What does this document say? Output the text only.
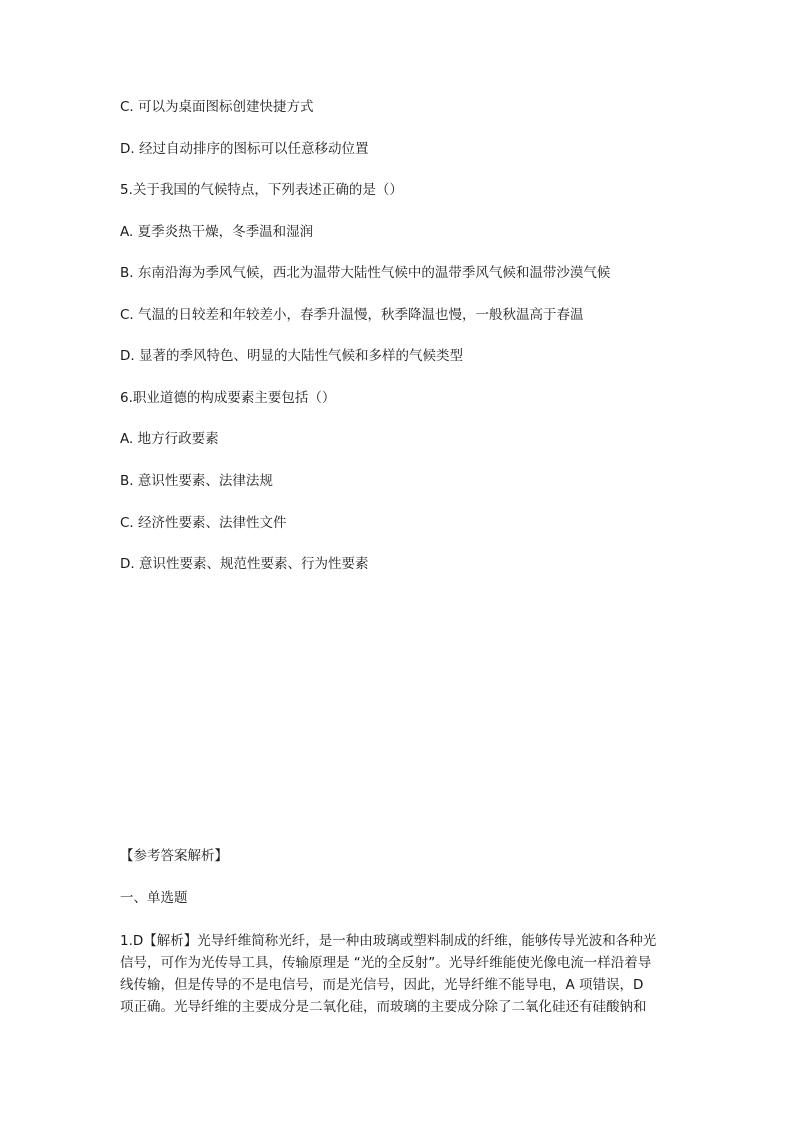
C. 可以为桌面图标创建快捷方式
D. 经过自动排序的图标可以任意移动位置
5.关于我国的气候特点，下列表述正确的是（）
A. 夏季炎热干燥，冬季温和湿润
B. 东南沿海为季风气候，西北为温带大陆性气候中的温带季风气候和温带沙漠气候
C. 气温的日较差和年较差小，春季升温慢，秋季降温也慢，一般秋温高于春温
D. 显著的季风特色、明显的大陆性气候和多样的气候类型
6.职业道德的构成要素主要包括（）
A. 地方行政要素
B. 意识性要素、法律法规
C. 经济性要素、法律性文件
D. 意识性要素、规范性要素、行为性要素
【参考答案解析】
一、单选题
1.D【解析】光导纤维简称光纤，是一种由玻璃或塑料制成的纤维，能够传导光波和各种光
信号，可作为光传导工具，传输原理是 “光的全反射”。光导纤维能使光像电流一样沿着导
线传输，但是传导的不是电信号，而是光信号，因此，光导纤维不能导电，A 项错误，D
项正确。光导纤维的主要成分是二氧化硅，而玻璃的主要成分除了二氧化硅还有硅酸钠和
